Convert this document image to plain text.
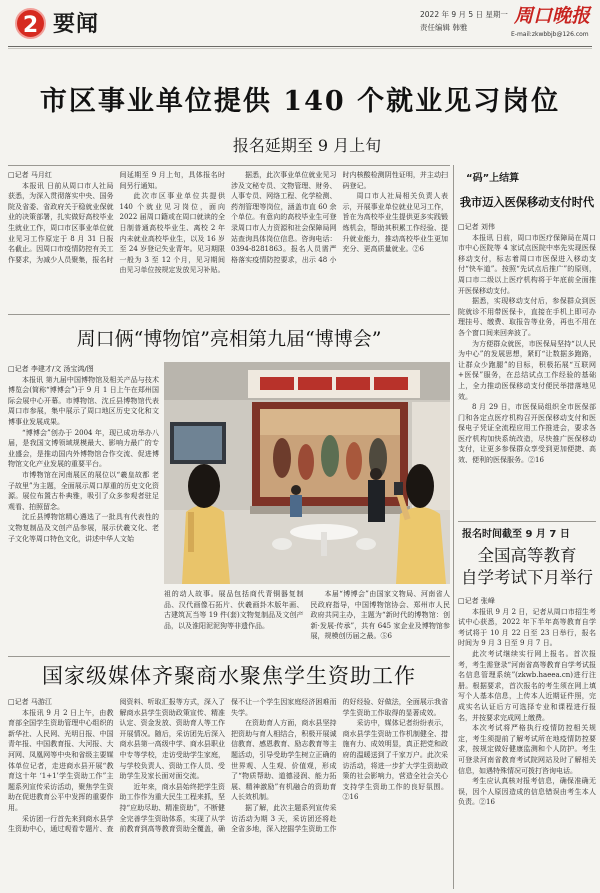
2 要闻	2022 年 9 月 5 日 星期一
责任编辑 韩雅
周口晚报
E-mail:zkwbbjb@126.com
市区事业单位提供 140 个就业见习岗位
报名延期至 9 月上旬
□记者 马月红

本报讯 日前从周口市人社局获悉，为深入贯彻落实中央、国务院及省委、省政府关于稳就业保就业的决策部署，扎实做好高校毕业生就业工作，周口市区事业单位就业见习工作原定于 8 月 31 日报名截止。因周口市疫情防控有关工作要求，为减少人员聚集，报名时间延期至 9 月上旬，具体报名时间另行通知。

此次市区事业单位共提供 140 个就业见习岗位，面向 2022 届周口籍或在周口就读的全日制普通高校毕业生、离校 2 年内未就业高校毕业生，以及 16 岁至 24 岁登记失业青年。见习期限一般为 3 至 12 个月，见习期间由见习单位按规定发放见习补贴。

据悉，此次事业单位就业见习涉及文秘专员、文物管理、财务、人事专员、网络工程、化学检测、药剂管理等岗位，涵盖市直 60 余个单位。有意向的高校毕业生可登录周口市人力资源和社会保障局网站查询具体岗位信息。咨询电话：0394-8281863。报名人员需严格落实疫情防控要求，出示 48 小时内核酸检测阴性证明，并主动扫码登记。

周口市人社局相关负责人表示，开展事业单位就业见习工作，旨在为高校毕业生提供更多实践锻炼机会，帮助其积累工作经验、提升就业能力，推动高校毕业生更加充分、更高质量就业。②6

周口俩“博物馆”亮相第九届“博博会”
□记者 李建才/文 汤宝鸿/图

本报讯 第九届中国博物馆及相关产品与技术博览会(简称“博博会”)于 9 月 1 日上午在郑州国际会展中心开幕。市博物馆、沈丘县博物馆代表周口市参展，集中展示了周口地区历史文化和文博事业发展成果。

“博博会”创办于 2004 年，现已成功举办八届，是我国文博领域规模最大、影响力最广的专业盛会，是推动国内外博物馆合作交流、促进博物馆文化产业发展的重要平台。

市博物馆在河南展区的展位以“羲皇故都 老子故里”为主题，全面展示周口厚重的历史文化资源。展位布置古朴典雅，吸引了众多参观者驻足观看、拍照留念。

沈丘县博物馆精心遴选了一批具有代表性的文物复制品及文创产品参展，展示伏羲文化、老子文化等周口特色文化，讲述中华人文始

祖的动人故事。展品包括商代青铜器复制品、汉代画像石拓片、伏羲画卦木版年画、古建筑瓦当等 19 件(套)文物复制品及文创产品，以及淮阳泥泥狗等非遗作品。

本届“博博会”由国家文物局、河南省人民政府指导，中国博物馆协会、郑州市人民政府共同主办，主题为“新时代的博物馆：创新·发展·传承”，共有 645 家企业及博物馆参展，规模创历届之最。⑤6

国家级媒体齐聚商水聚焦学生资助工作
□记者 马游江

本报讯 9 月 2 日上午，由教育部全国学生资助管理中心组织的新华社、人民网、光明日报、中国青年报、中国教育报、大河报、大河网、凤凰网等中央和省级主要媒体单位记者，走进商水县开展“教育这十年 ‘1+1’学生资助工作”主题系列宣传采访活动，聚焦学生资助在促进教育公平中发挥的重要作用。

采访团一行首先来到商水县学生资助中心，通过观看专题片、查阅资料、听取汇报等方式，深入了解商水县学生资助政策宣传、精准认定、资金发放、资助育人等工作开展情况。随后，采访团先后深入商水县第一高级中学、商水县职业中专等学校，走访受助学生家庭，与学校负责人、资助工作人员、受助学生及家长面对面交流。

近年来，商水县始终把学生资助工作作为重大民生工程来抓，坚持“应助尽助、精准资助”，不断健全完善学生资助体系，实现了从学前教育到高等教育资助全覆盖，确保不让一个学生因家庭经济困难而失学。

在资助育人方面，商水县坚持把资助与育人相结合，积极开展诚信教育、感恩教育、励志教育等主题活动，引导受助学生树立正确的世界观、人生观、价值观，形成了“物质帮助、道德浸润、能力拓展、精神激励”有机融合的资助育人长效机制。

据了解，此次主题系列宣传采访活动为期 3 天，采访团还将赴全省多地，深入挖掘学生资助工作的好经验、好做法，全面展示我省学生资助工作取得的显著成效。

采访中，媒体记者纷纷表示，商水县学生资助工作机制健全、措施有力、成效明显，真正把党和政府的温暖送到了千家万户。此次采访活动，将进一步扩大学生资助政策的社会影响力，营造全社会关心支持学生资助工作的良好氛围。②16

“码”上结算
我市迈入医保移动支付时代
□记者 刘伟

本报讯 日前，周口市医疗保障局在周口市中心医院等 4 家试点医院中率先实现医保移动支付，标志着周口市医保进入移动支付“快车道”。按照“先试点后推广”的原则，周口市二级以上医疗机构将于年底前全面推开医保移动支付。

据悉，实现移动支付后，参保群众到医院就诊不用带医保卡，直接在手机上即可办理挂号、缴费、取报告等业务，再也不用在各个窗口间来回奔波了。

为方便群众就医，市医保局坚持“以人民为中心”的发展思想，紧盯“让数据多跑路，让群众少跑腿”的目标，积极拓展“互联网+医保”服务，在总结试点工作经验的基础上，全力推动医保移动支付便民举措落地见效。

8 月 29 日，市医保局组织全市医保部门和各定点医疗机构召开医保移动支付和医保电子凭证全流程应用工作推进会，要求各医疗机构加快系统改造，尽快推广医保移动支付，让更多参保群众享受到更加便捷、高效、便利的医保服务。②16

报名时间截至 9 月 7 日
全国高等教育
自学考试下月举行
□记者 张峰

本报讯 9 月 2 日，记者从周口市招生考试中心获悉，2022 年下半年高等教育自学考试将于 10 月 22 日至 23 日举行，报名时间为 9 月 3 日至 9 月 7 日。

此次考试继续实行网上报名。首次报考，考生需登录“河南省高等教育自学考试报名信息管理系统”(zkwb.haeea.cn)进行注册。根据要求，首次报名的考生须在网上填写个人基本信息，上传本人近期证件照，完成实名认证后方可选择专业和课程进行报名，并按要求完成网上缴费。

本次考试将严格执行疫情防控相关规定，考生须提前了解考试所在地疫情防控要求，按规定做好健康监测和个人防护。考生可登录河南省教育考试院网站及时了解相关信息，如遇特殊情况可拨打咨询电话。

考生应认真核对报考信息，确保准确无误，因个人原因造成的信息错误由考生本人负责。②16
